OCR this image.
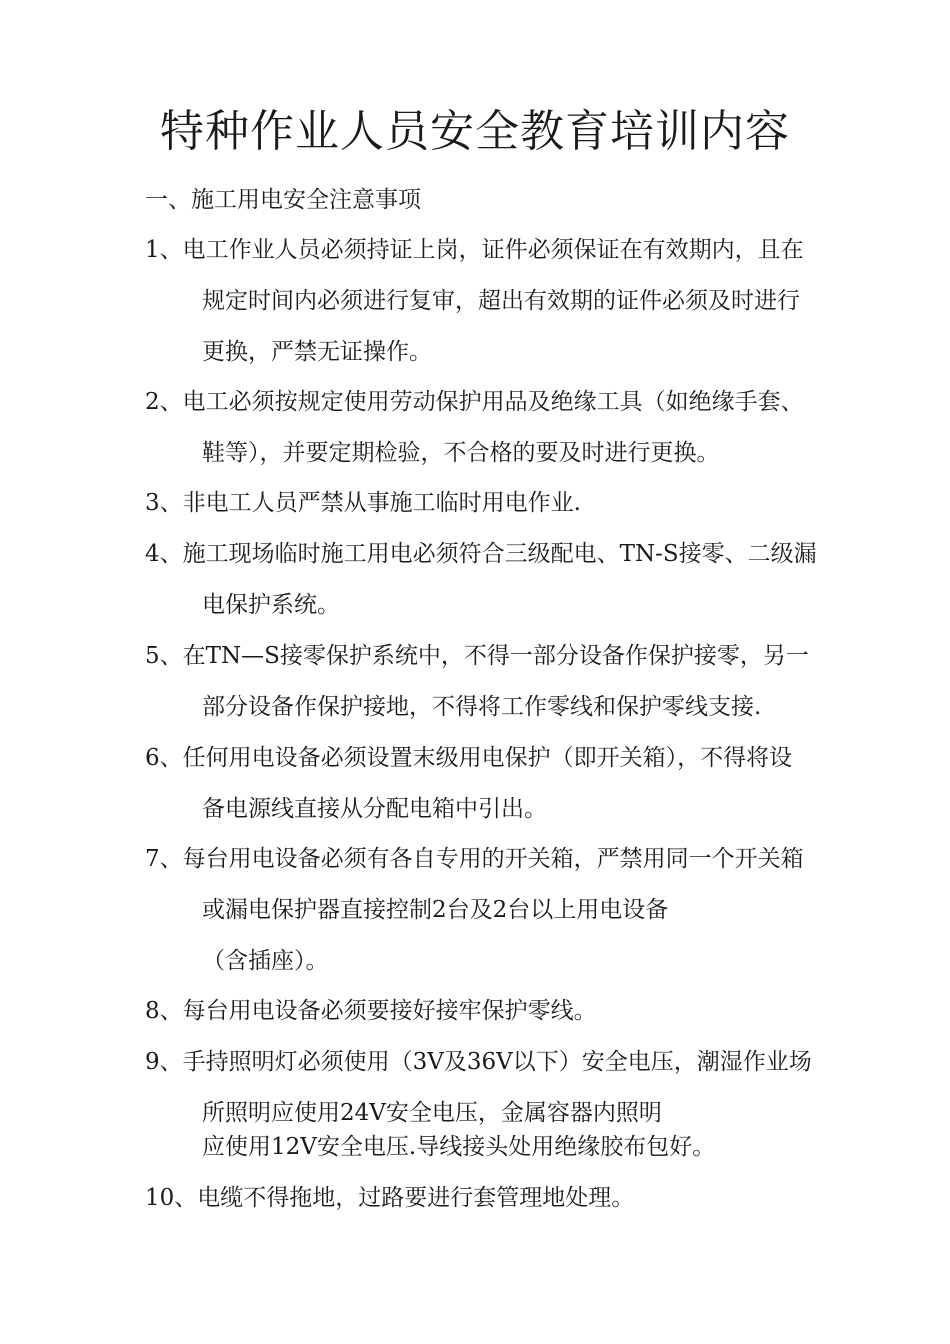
特种作业人员安全教育培训内容
一、施工用电安全注意事项
1、电工作业人员必须持证上岗，证件必须保证在有效期内，且在
规定时间内必须进行复审，超出有效期的证件必须及时进行
更换，严禁无证操作。
2、电工必须按规定使用劳动保护用品及绝缘工具（如绝缘手套、
鞋等），并要定期检验，不合格的要及时进行更换。
3、非电工人员严禁从事施工临时用电作业.
4、施工现场临时施工用电必须符合三级配电、TN-S接零、二级漏
电保护系统。
5、在TN—S接零保护系统中，不得一部分设备作保护接零，另一
部分设备作保护接地，不得将工作零线和保护零线支接.
6、任何用电设备必须设置末级用电保护（即开关箱），不得将设
备电源线直接从分配电箱中引出。
7、每台用电设备必须有各自专用的开关箱，严禁用同一个开关箱
或漏电保护器直接控制2台及2台以上用电设备
（含插座）。
8、每台用电设备必须要接好接牢保护零线。
9、手持照明灯必须使用（3V及36V以下）安全电压，潮湿作业场
所照明应使用24V安全电压，金属容器内照明
应使用12V安全电压.导线接头处用绝缘胶布包好。
10、电缆不得拖地，过路要进行套管理地处理。
